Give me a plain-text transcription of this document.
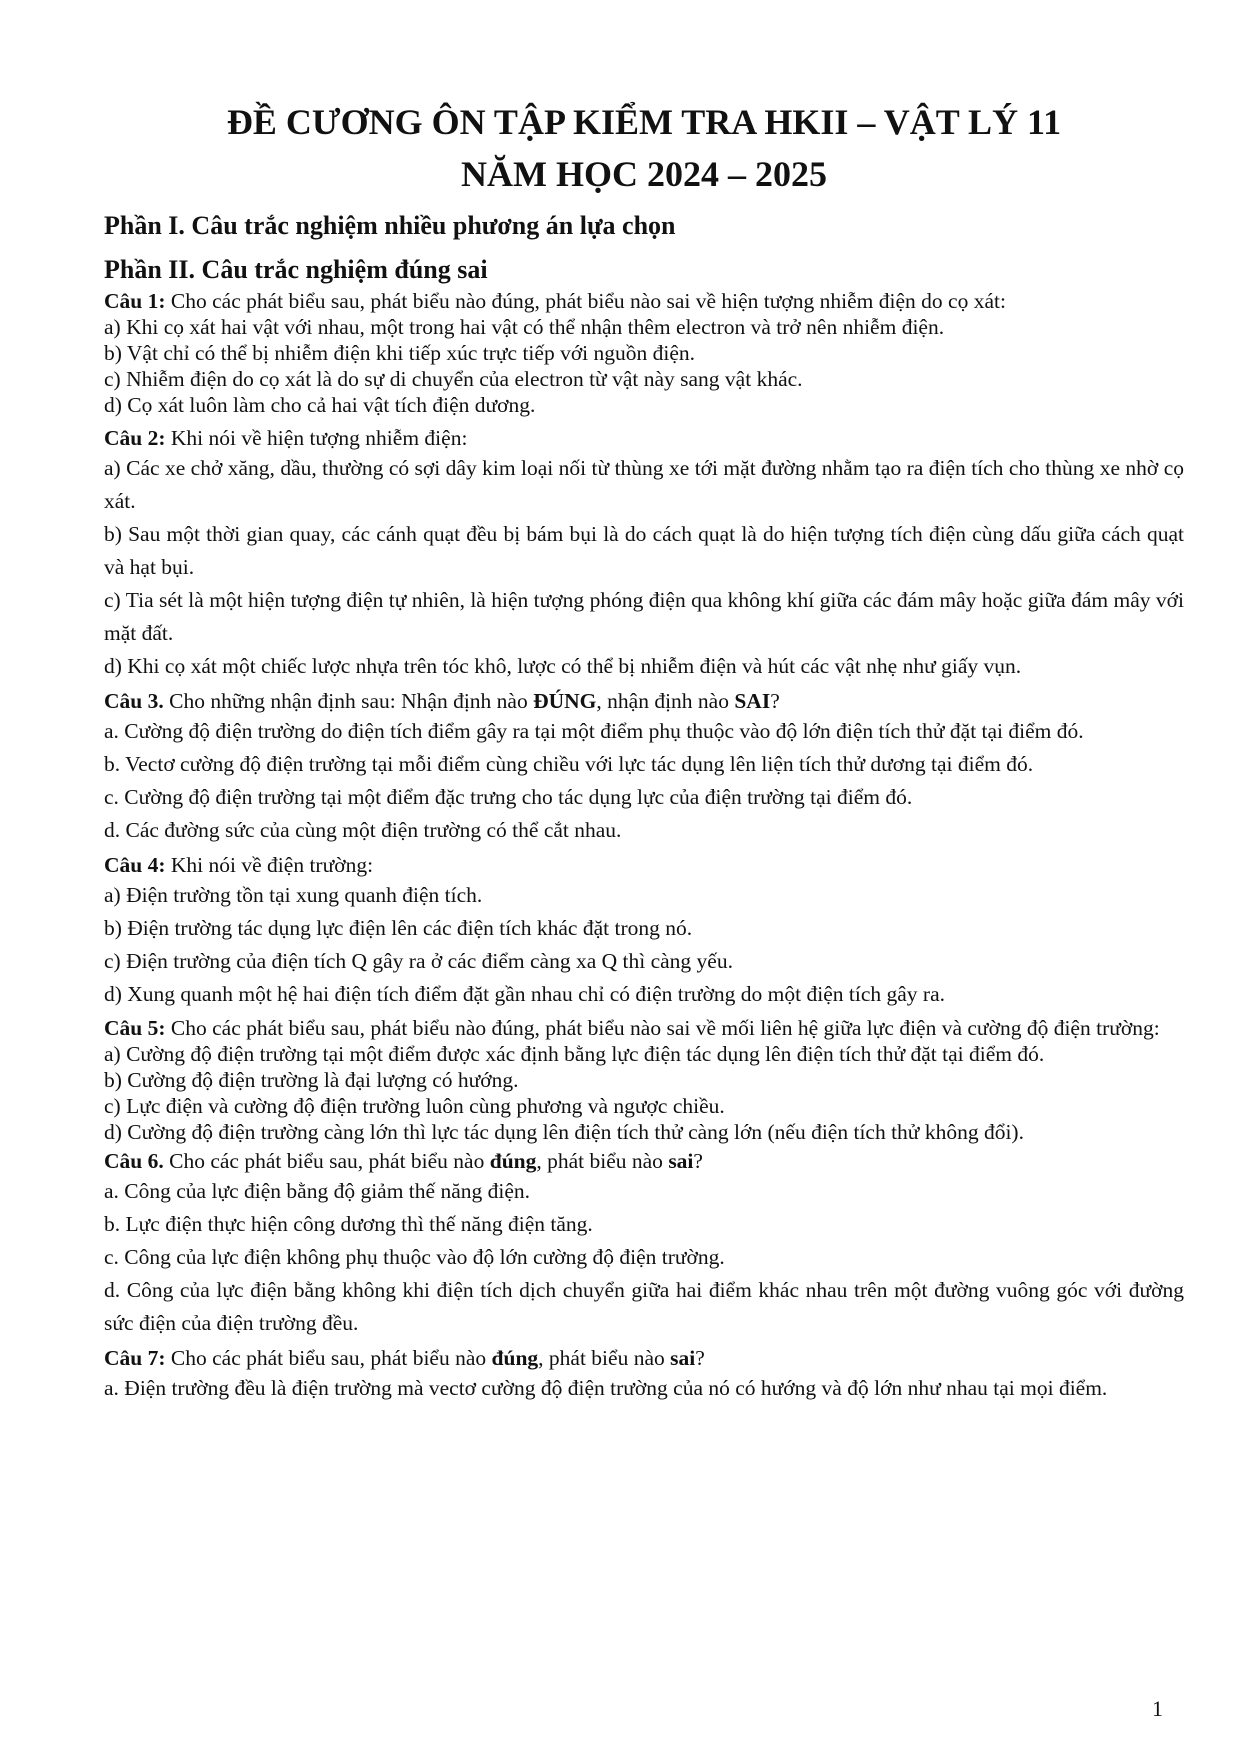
ĐỀ CƯƠNG ÔN TẬP KIỂM TRA HKII – VẬT LÝ 11
NĂM HỌC 2024 – 2025

Phần I. Câu trắc nghiệm nhiều phương án lựa chọn

Phần II. Câu trắc nghiệm đúng sai

Câu 1: Cho các phát biểu sau, phát biểu nào đúng, phát biểu nào sai về hiện tượng nhiễm điện do cọ xát:

a) Khi cọ xát hai vật với nhau, một trong hai vật có thể nhận thêm electron và trở nên nhiễm điện.

b) Vật chỉ có thể bị nhiễm điện khi tiếp xúc trực tiếp với nguồn điện.

c) Nhiễm điện do cọ xát là do sự di chuyển của electron từ vật này sang vật khác.

d) Cọ xát luôn làm cho cả hai vật tích điện dương.

Câu 2: Khi nói về hiện tượng nhiễm điện:

a) Các xe chở xăng, dầu, thường có sợi dây kim loại nối từ thùng xe tới mặt đường nhằm tạo ra điện tích cho thùng xe nhờ cọ xát.

b) Sau một thời gian quay, các cánh quạt đều bị bám bụi là do cách quạt là do hiện tượng tích điện cùng dấu giữa cách quạt và hạt bụi.

c) Tia sét là một hiện tượng điện tự nhiên, là hiện tượng phóng điện qua không khí giữa các đám mây hoặc giữa đám mây với mặt đất.

d) Khi cọ xát một chiếc lược nhựa trên tóc khô, lược có thể bị nhiễm điện và hút các vật nhẹ như giấy vụn.

Câu 3. Cho những nhận định sau: Nhận định nào ĐÚNG, nhận định nào SAI?

a. Cường độ điện trường do điện tích điểm gây ra tại một điểm phụ thuộc vào độ lớn điện tích thử đặt tại điểm đó.

b. Vectơ cường độ điện trường tại mỗi điểm cùng chiều với lực tác dụng lên liện tích thử dương tại điểm đó.

c. Cường độ điện trường tại một điểm đặc trưng cho tác dụng lực của điện trường tại điểm đó.

d. Các đường sức của cùng một điện trường có thể cắt nhau.

Câu 4: Khi nói về điện trường:

a) Điện trường tồn tại xung quanh điện tích.

b) Điện trường tác dụng lực điện lên các điện tích khác đặt trong nó.

c) Điện trường của điện tích Q gây ra ở các điểm càng xa Q thì càng yếu.

d) Xung quanh một hệ hai điện tích điểm đặt gần nhau chỉ có điện trường do một điện tích gây ra.

Câu 5: Cho các phát biểu sau, phát biểu nào đúng, phát biểu nào sai về mối liên hệ giữa lực điện và cường độ điện trường:

a) Cường độ điện trường tại một điểm được xác định bằng lực điện tác dụng lên điện tích thử đặt tại điểm đó.

b) Cường độ điện trường là đại lượng có hướng.

c) Lực điện và cường độ điện trường luôn cùng phương và ngược chiều.

d) Cường độ điện trường càng lớn thì lực tác dụng lên điện tích thử càng lớn (nếu điện tích thử không đổi).

Câu 6. Cho các phát biểu sau, phát biểu nào đúng, phát biểu nào sai?

a. Công của lực điện bằng độ giảm thế năng điện.

b. Lực điện thực hiện công dương thì thế năng điện tăng.

c. Công của lực điện không phụ thuộc vào độ lớn cường độ điện trường.

d. Công của lực điện bằng không khi điện tích dịch chuyển giữa hai điểm khác nhau trên một đường vuông góc với đường sức điện của điện trường đều.

Câu 7: Cho các phát biểu sau, phát biểu nào đúng, phát biểu nào sai?

a. Điện trường đều là điện trường mà vectơ cường độ điện trường của nó có hướng và độ lớn như nhau tại mọi điểm.

1
